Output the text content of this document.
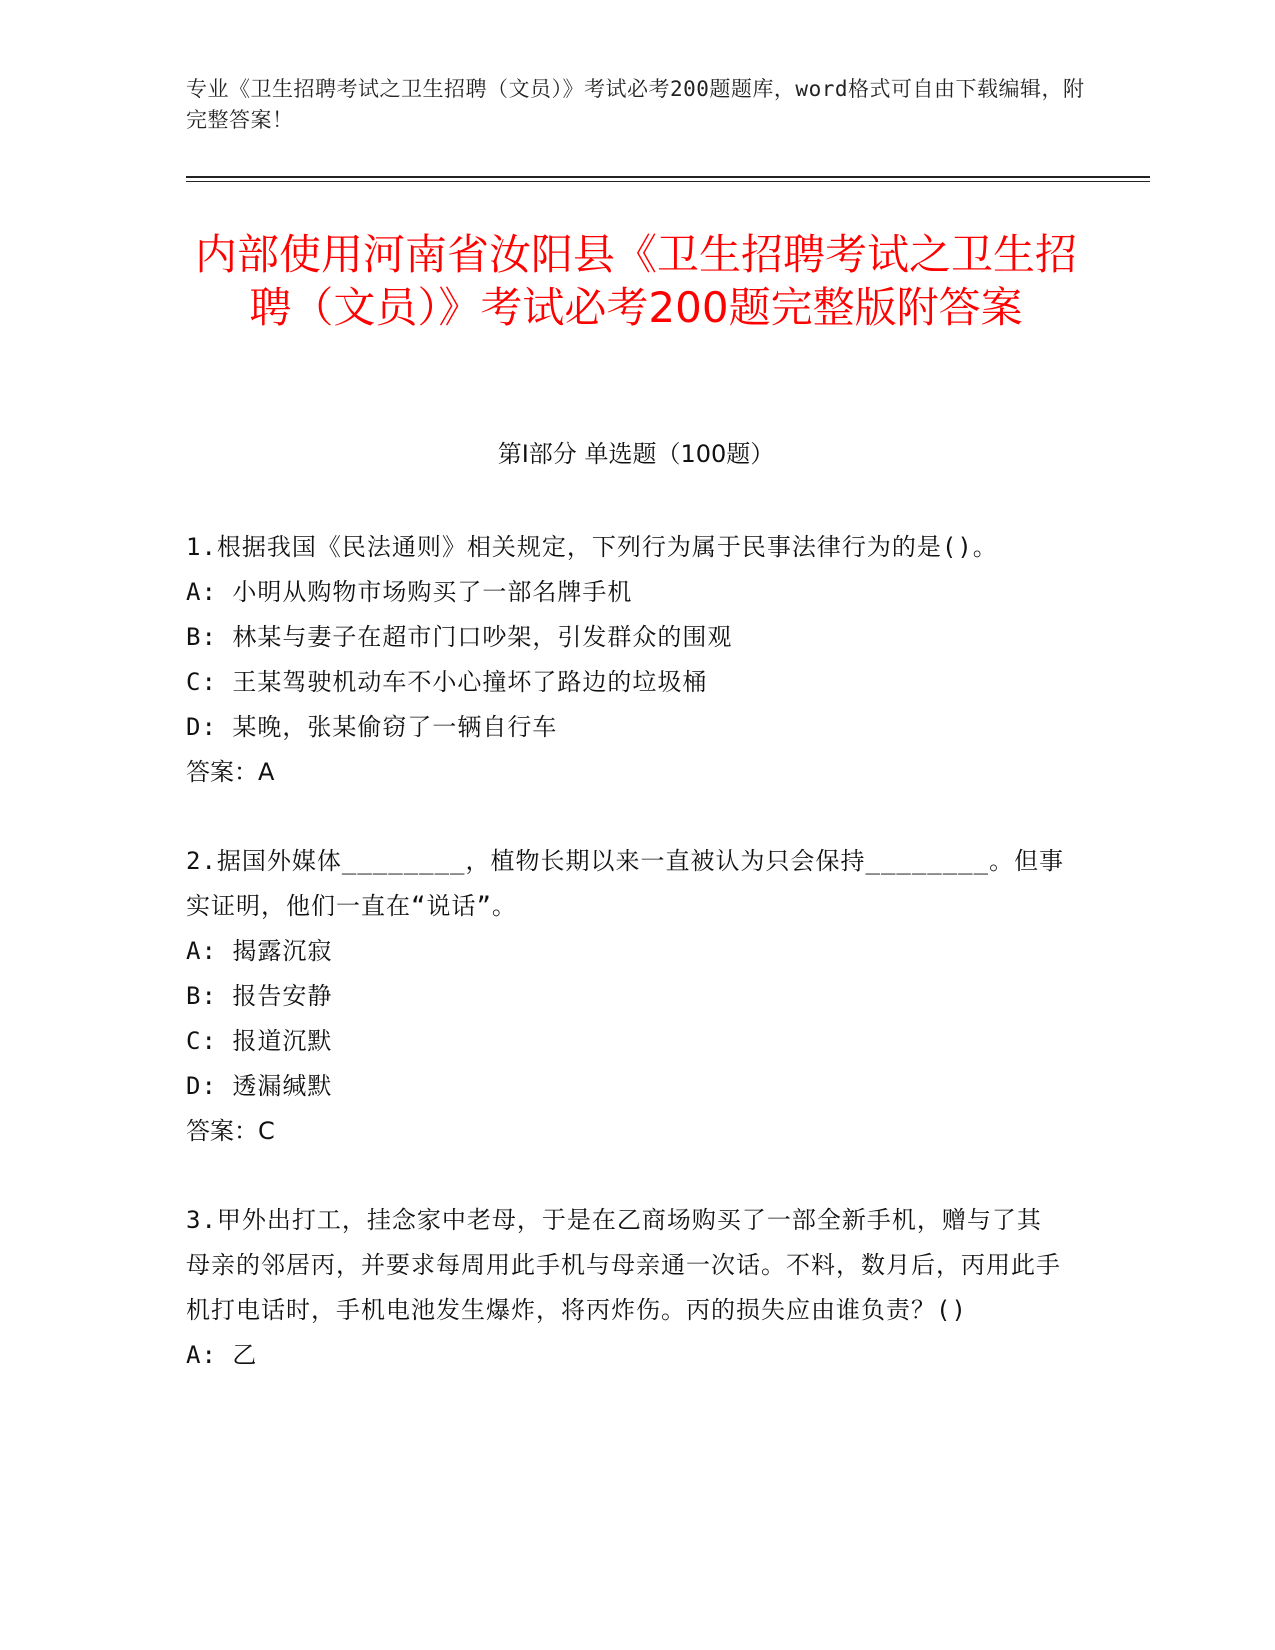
专业《卫生招聘考试之卫生招聘（文员）》考试必考200题题库，word格式可自由下载编辑，附完整答案！
内部使用河南省汝阳县《卫生招聘考试之卫生招聘（文员）》考试必考200题完整版附答案
第I部分 单选题（100题）
1.根据我国《民法通则》相关规定，下列行为属于民事法律行为的是()。
A: 小明从购物市场购买了一部名牌手机
B: 林某与妻子在超市门口吵架，引发群众的围观
C: 王某驾驶机动车不小心撞坏了路边的垃圾桶
D: 某晚，张某偷窃了一辆自行车
答案：A
2.据国外媒体________，植物长期以来一直被认为只会保持________。但事实证明，他们一直在“说话”。
A: 揭露沉寂
B: 报告安静
C: 报道沉默
D: 透漏缄默
答案：C
3.甲外出打工，挂念家中老母，于是在乙商场购买了一部全新手机，赠与了其母亲的邻居丙，并要求每周用此手机与母亲通一次话。不料，数月后，丙用此手机打电话时，手机电池发生爆炸，将丙炸伤。丙的损失应由谁负责？()
A: 乙
